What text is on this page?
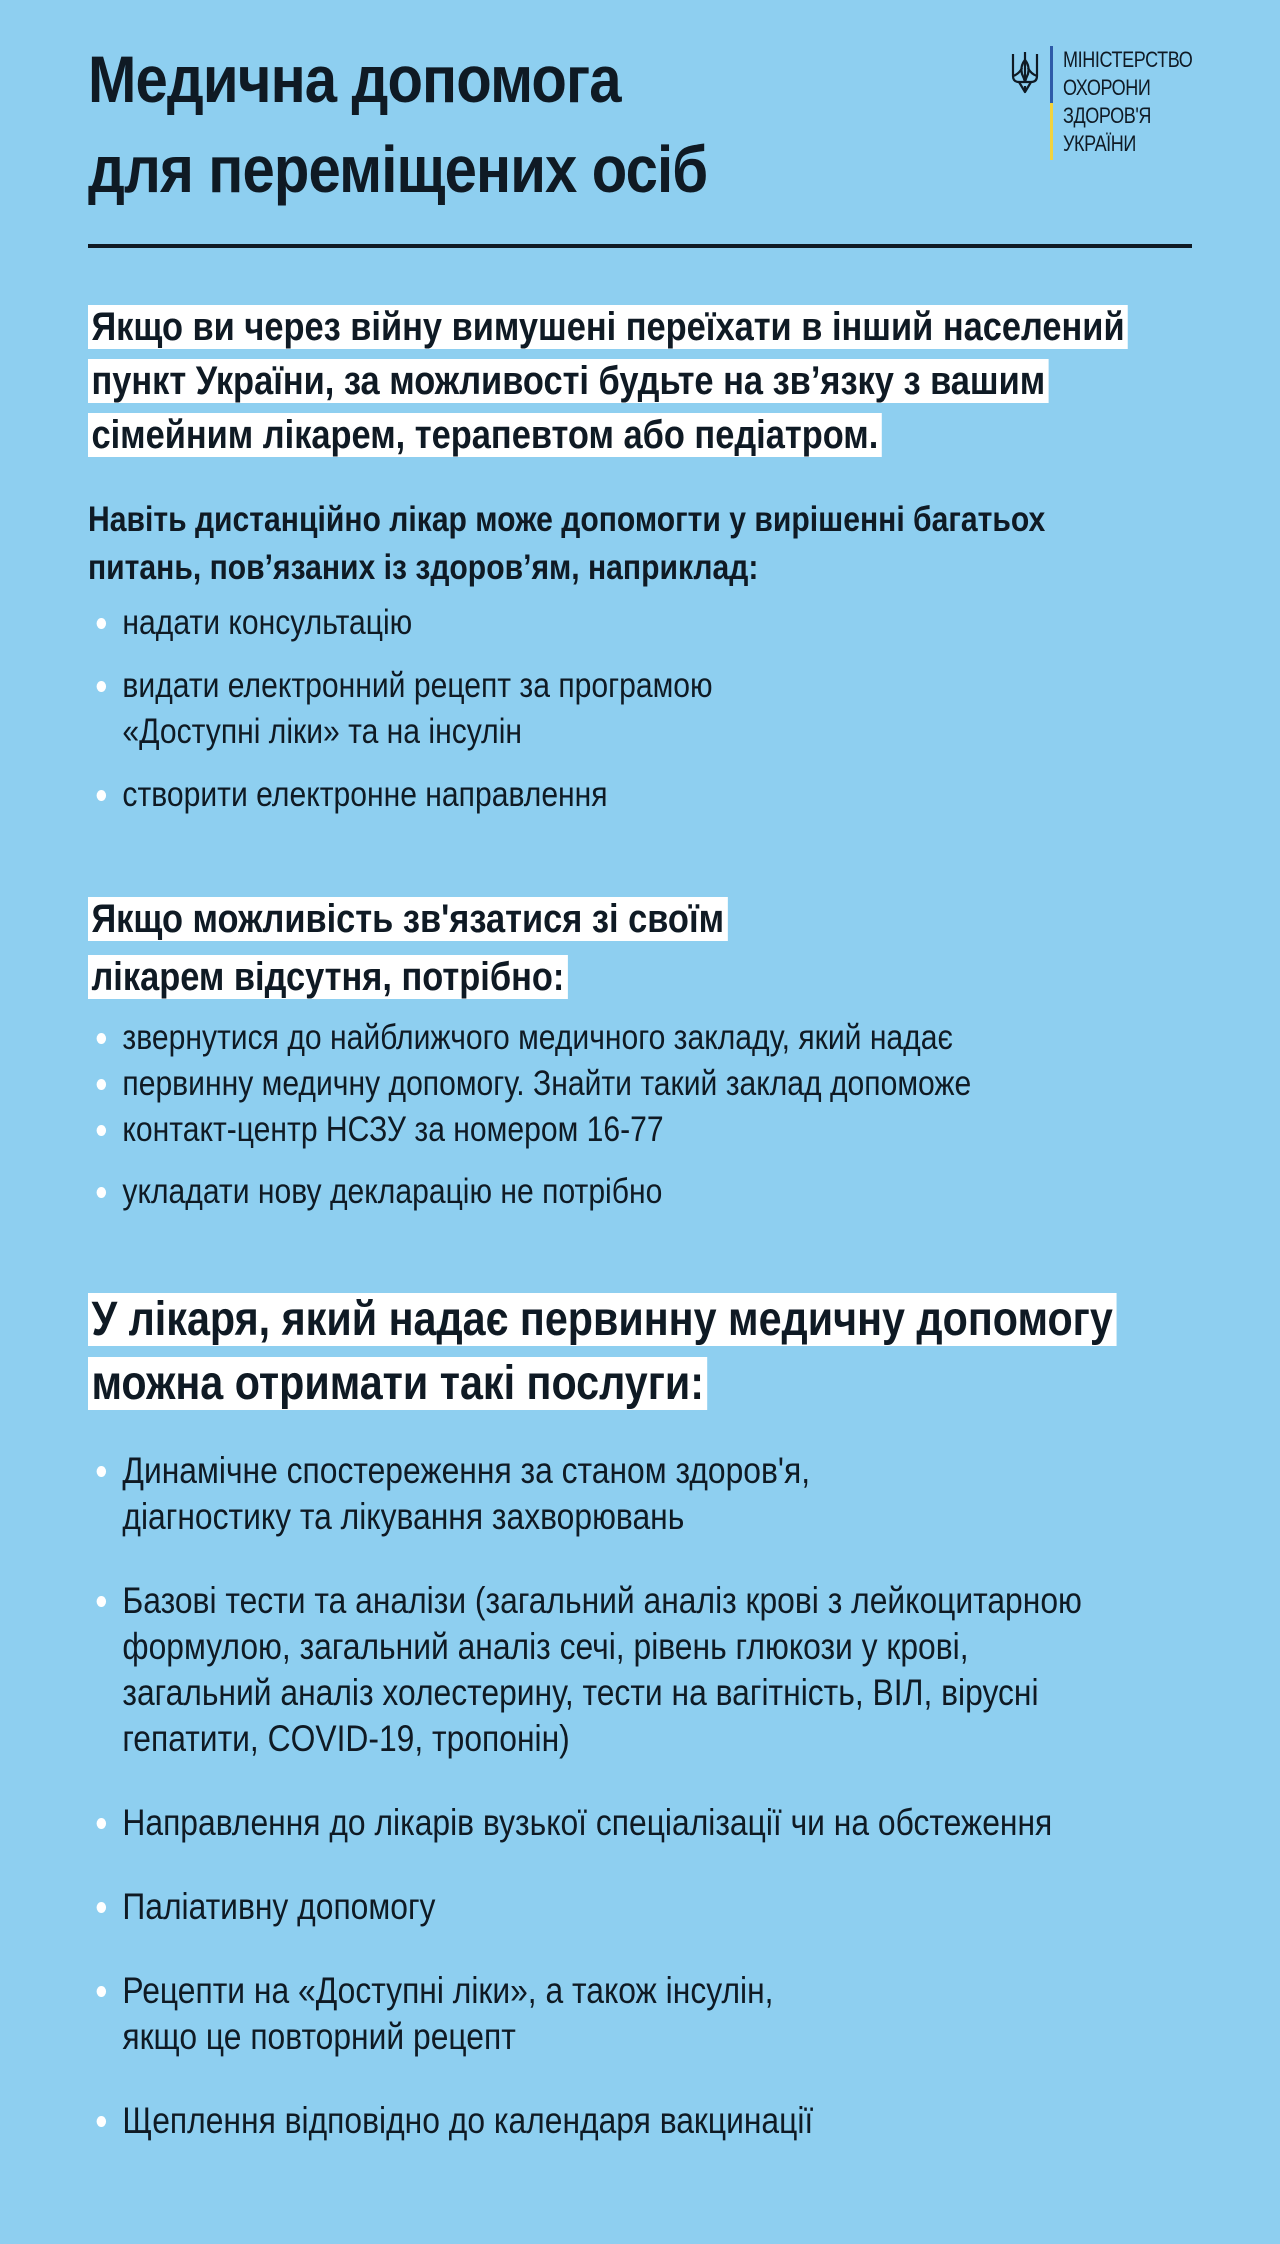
Медична допомога
для переміщених осіб
МІНІСТЕРСТВО
ОХОРОНИ
ЗДОРОВ'Я
УКРАЇНИ

Якщо ви через війну вимушені переїхати в інший населений
пункт України, за можливості будьте на зв’язку з вашим
сімейним лікарем, терапевтом або педіатром.

Навіть дистанційно лікар може допомогти у вирішенні багатьох
питань, пов’язаних із здоров’ям, наприклад:

надати консультацію
видати електронний рецепт за програмою
«Доступні ліки» та на інсулін
створити електронне направлення

Якщо можливість зв'язатися зі своїм
лікарем відсутня, потрібно:

звернутися до найближчого медичного закладу, який надає
первинну медичну допомогу. Знайти такий заклад допоможе
контакт-центр НСЗУ за номером 16-77
укладати нову декларацію не потрібно

У лікаря, який надає первинну медичну допомогу
можна отримати такі послуги:

Динамічне спостереження за станом здоров'я,
діагностику та лікування захворювань
Базові тести та аналізи (загальний аналіз крові з лейкоцитарною
формулою, загальний аналіз сечі, рівень глюкози у крові,
загальний аналіз холестерину, тести на вагітність, ВІЛ, вірусні
гепатити, COVID-19, тропонін)
Направлення до лікарів вузької спеціалізації чи на обстеження
Паліативну допомогу
Рецепти на «Доступні ліки», а також інсулін,
якщо це повторний рецепт
Щеплення відповідно до календаря вакцинації
